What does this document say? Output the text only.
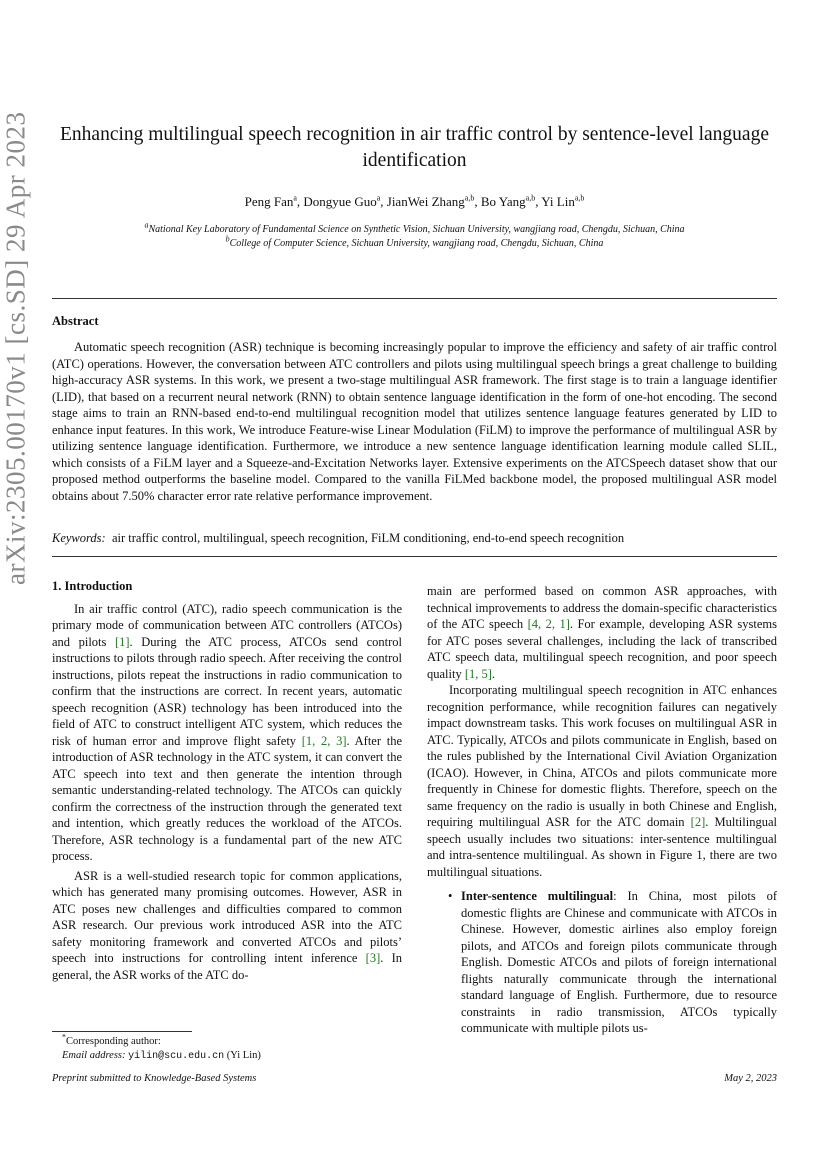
arXiv:2305.00170v1 [cs.SD] 29 Apr 2023	Enhancing multilingual speech recognition in air traffic control by sentence-level language identification
Peng Fan$^a$, Dongyue Guo$^a$, JianWei Zhang$^{a,b}$, Bo Yang$^{a,b}$, Yi Lin$^{a,b}$
$^a$National Key Laboratory of Fundamental Science on Synthetic Vision, Sichuan University, wangjiang road, Chengdu, Sichuan, China
$^b$College of Computer Science, Sichuan University, wangjiang road, Chengdu, Sichuan, China
Abstract
Automatic speech recognition (ASR) technique is becoming increasingly popular to improve the efficiency and safety of air traffic control (ATC) operations. However, the conversation between ATC controllers and pilots using multilingual speech brings a great challenge to building high-accuracy ASR systems. In this work, we present a two-stage multilingual ASR framework. The first stage is to train a language identifier (LID), that based on a recurrent neural network (RNN) to obtain sentence language identification in the form of one-hot encoding. The second stage aims to train an RNN-based end-to-end multilingual recognition model that utilizes sentence language features generated by LID to enhance input features. In this work, We introduce Feature-wise Linear Modulation (FiLM) to improve the performance of multilingual ASR by utilizing sentence language identification. Furthermore, we introduce a new sentence language identification learning module called SLIL, which consists of a FiLM layer and a Squeeze-and-Excitation Networks layer. Extensive experiments on the ATCSpeech dataset show that our proposed method outperforms the baseline model. Compared to the vanilla FiLMed backbone model, the proposed multilingual ASR model obtains about 7.50% character error rate relative performance improvement.
Keywords: air traffic control, multilingual, speech recognition, FiLM conditioning, end-to-end speech recognition
1. Introduction

In air traffic control (ATC), radio speech communication is the primary mode of communication between ATC controllers (ATCOs) and pilots [1]. During the ATC process, ATCOs send control instructions to pilots through radio speech. After receiving the control instructions, pilots repeat the instructions in radio communication to confirm that the instructions are correct. In recent years, automatic speech recognition (ASR) technology has been introduced into the field of ATC to construct intelligent ATC system, which reduces the risk of human error and improve flight safety [1, 2, 3]. After the introduction of ASR technology in the ATC system, it can convert the ATC speech into text and then generate the intention through semantic understanding-related technology. The ATCOs can quickly confirm the correctness of the instruction through the generated text and intention, which greatly reduces the workload of the ATCOs. Therefore, ASR technology is a fundamental part of the new ATC process.

ASR is a well-studied research topic for common applications, which has generated many promising outcomes. However, ASR in ATC poses new challenges and difficulties compared to common ASR research. Our previous work introduced ASR into the ATC safety monitoring framework and converted ATCOs and pilots’ speech into instructions for controlling intent inference [3]. In general, the ASR works of the ATC do-

main are performed based on common ASR approaches, with technical improvements to address the domain-specific characteristics of the ATC speech [4, 2, 1]. For example, developing ASR systems for ATC poses several challenges, including the lack of transcribed ATC speech data, multilingual speech recognition, and poor speech quality [1, 5].

Incorporating multilingual speech recognition in ATC enhances recognition performance, while recognition failures can negatively impact downstream tasks. This work focuses on multilingual ASR in ATC. Typically, ATCOs and pilots communicate in English, based on the rules published by the International Civil Aviation Organization (ICAO). However, in China, ATCOs and pilots communicate more frequently in Chinese for domestic flights. Therefore, speech on the same frequency on the radio is usually in both Chinese and English, requiring multilingual ASR for the ATC domain [2]. Multilingual speech usually includes two situations: inter-sentence multilingual and intra-sentence multilingual. As shown in Figure 1, there are two multilingual situations.

• Inter-sentence multilingual: In China, most pilots of domestic flights are Chinese and communicate with ATCOs in Chinese. However, domestic airlines also employ foreign pilots, and ATCOs and foreign pilots communicate through English. Domestic ATCOs and pilots of foreign international flights naturally communicate through the international standard language of English. Furthermore, due to resource constraints in radio transmission, ATCOs typically communicate with multiple pilots us-
*Corresponding author:
Email address: yilin@scu.edu.cn (Yi Lin)
Preprint submitted to Knowledge-Based Systems	May 2, 2023
